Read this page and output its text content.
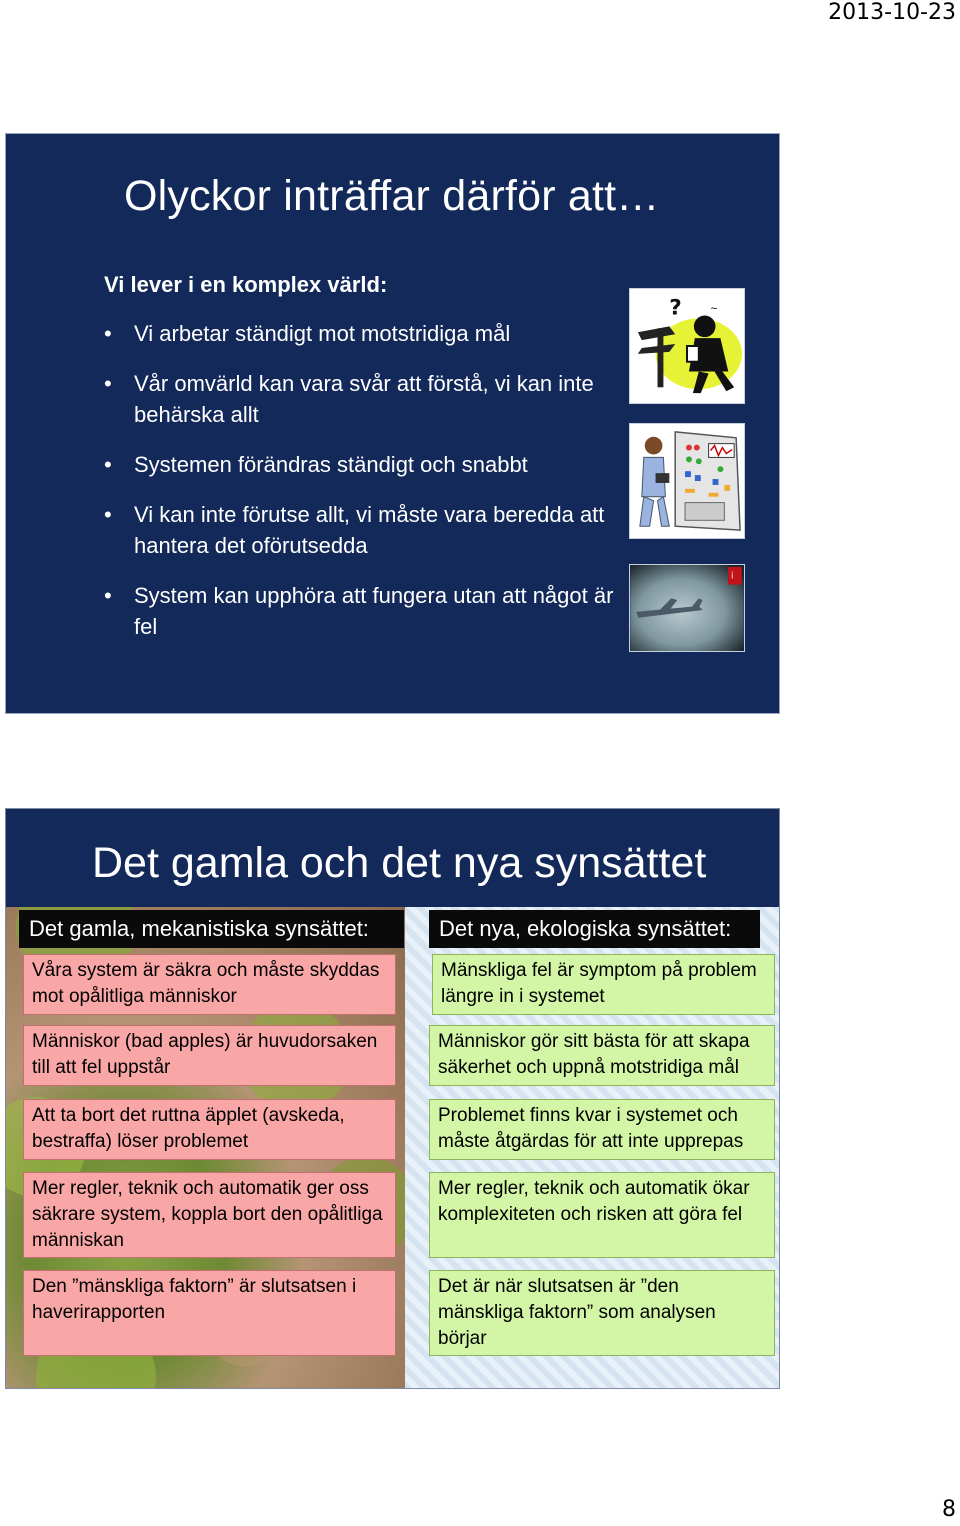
2013-10-23
Olyckor inträffar därför att…
Vi lever i en komplex värld:
• Vi arbetar ständigt mot motstridiga mål
• Vår omvärld kan vara svår att förstå, vi kan inte behärska allt
• Systemen förändras ständigt och snabbt
• Vi kan inte förutse allt, vi måste vara beredda att hantera det oförutsedda
• System kan upphöra att fungera utan att något är fel
? ~
i
Det gamla och det nya synsättet
Det gamla, mekanistiska synsättet:	Det nya, ekologiska synsättet:
Våra system är säkra och måste skyddas mot opålitliga människor
Människor (bad apples) är huvudorsaken till att fel uppstår
Att ta bort det ruttna äpplet (avskeda, bestraffa) löser problemet
Mer regler, teknik och automatik ger oss säkrare system, koppla bort den opålitliga människan
Den ”mänskliga faktorn” är slutsatsen i haverirapporten
Mänskliga fel är symptom på problem längre in i systemet
Människor gör sitt bästa för att skapa säkerhet och uppnå motstridiga mål
Problemet finns kvar i systemet och måste åtgärdas för att inte upprepas
Mer regler, teknik och automatik ökar komplexiteten och risken att göra fel
Det är när slutsatsen är ”den mänskliga faktorn” som analysen börjar
8
